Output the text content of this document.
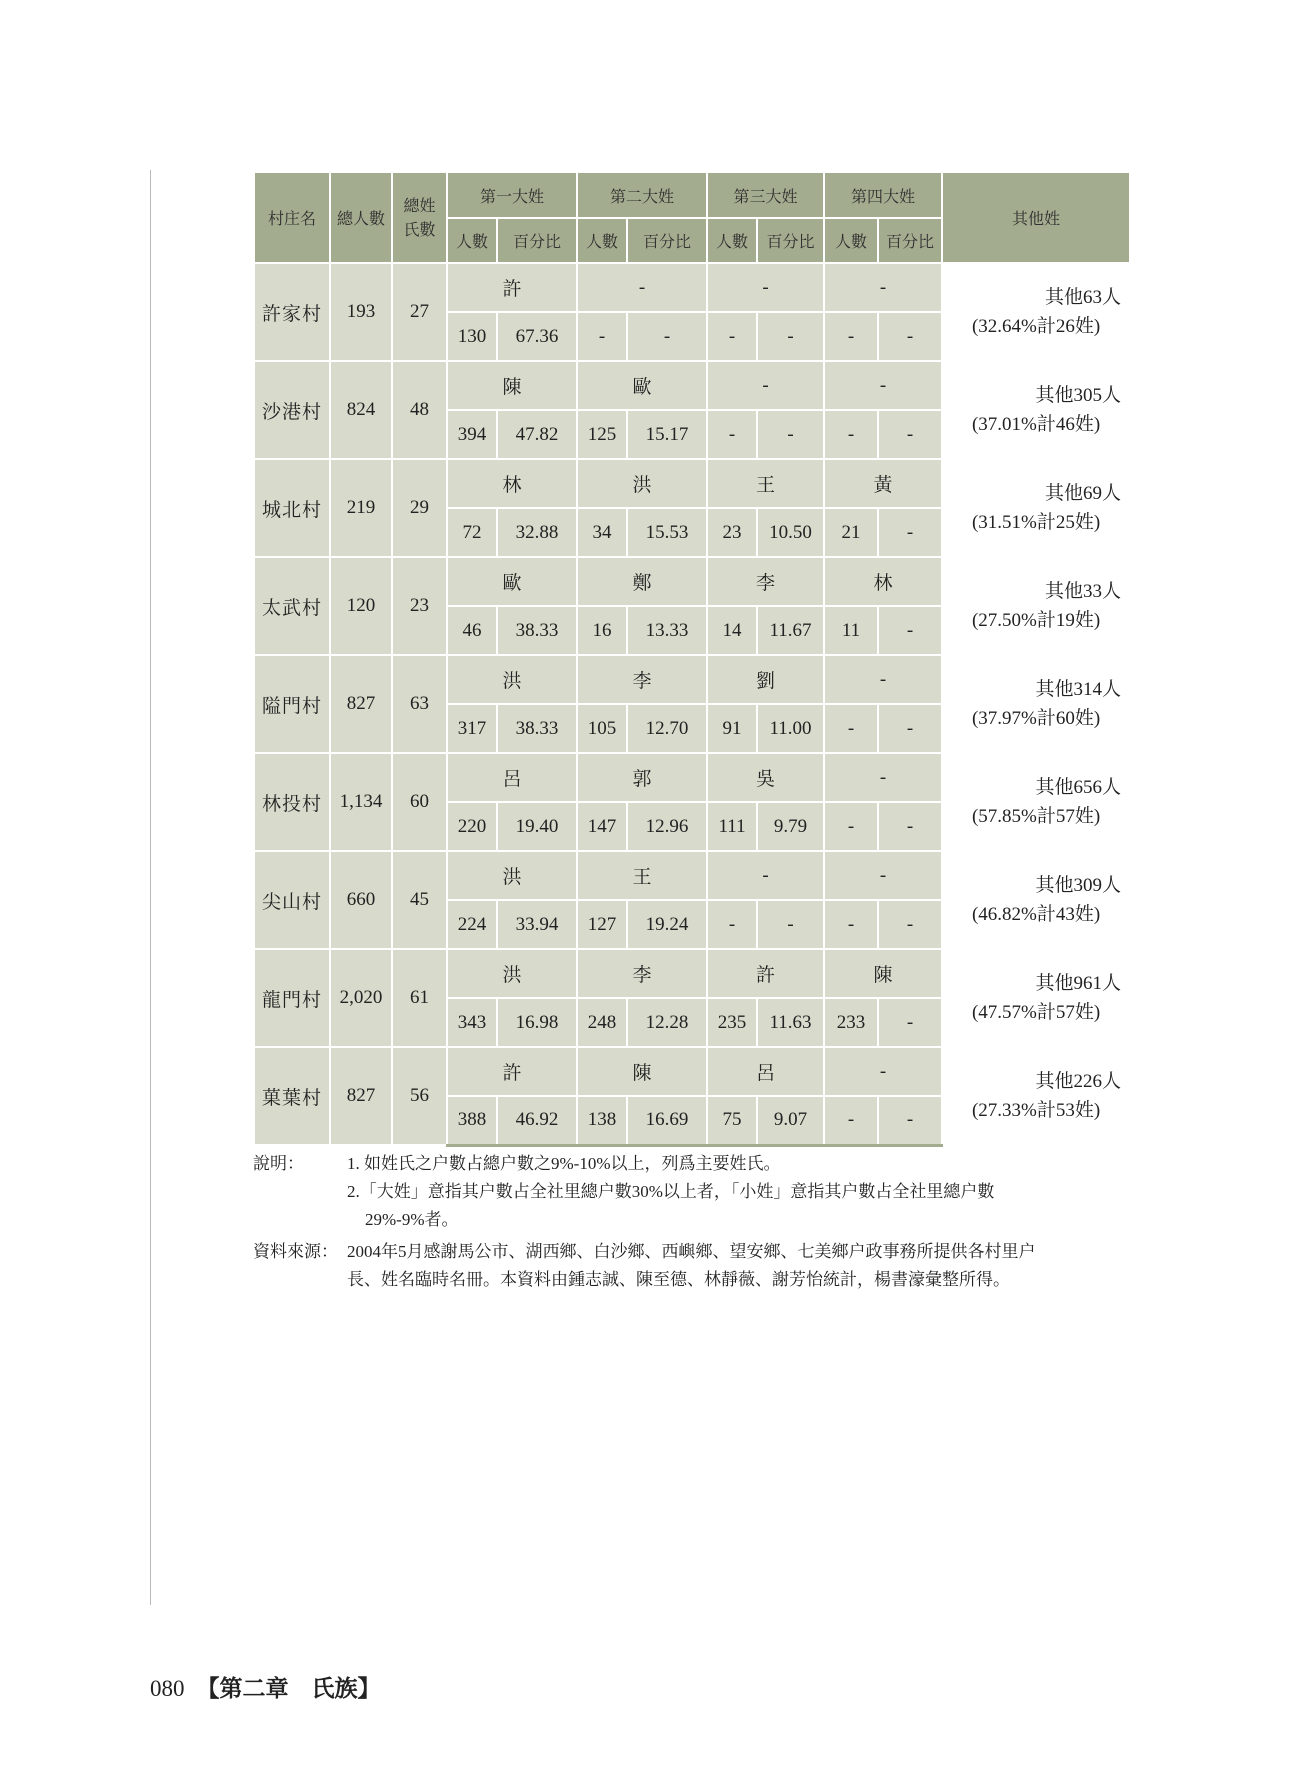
村庄名	總人數	總姓
氏數	第一大姓		第二大姓		第三大姓		第四大姓		其他姓
			人數	百分比	人數	百分比	人數	百分比	人數	百分比	
許家村	193	27	許		-		-		-		其他63人
(32.64%計26姓)

			130	67.36	-	-	-	-	-	-	
沙港村	824	48	陳		歐		-		-		其他305人
(37.01%計46姓)

			394	47.82	125	15.17	-	-	-	-	
城北村	219	29	林		洪		王		黃		其他69人
(31.51%計25姓)

			72	32.88	34	15.53	23	10.50	21	-	
太武村	120	23	歐		鄭		李		林		其他33人
(27.50%計19姓)

			46	38.33	16	13.33	14	11.67	11	-	
隘門村	827	63	洪		李		劉		-		其他314人
(37.97%計60姓)

			317	38.33	105	12.70	91	11.00	-	-	
林投村	1,134	60	呂		郭		吳		-		其他656人
(57.85%計57姓)

			220	19.40	147	12.96	111	9.79	-	-	
尖山村	660	45	洪		王		-		-		其他309人
(46.82%計43姓)

			224	33.94	127	19.24	-	-	-	-	
龍門村	2,020	61	洪		李		許		陳		其他961人
(47.57%計57姓)

			343	16.98	248	12.28	235	11.63	233	-	
菓葉村	827	56	許		陳		呂		-		其他226人
(27.33%計53姓)

			388	46.92	138	16.69	75	9.07	-	-	
說明：	1. 如姓氏之户數占總户數之9%-10%以上，列爲主要姓氏。
2.「大姓」意指其户數占全社里總户數30%以上者，「小姓」意指其户數占全社里總户數
29%-9%者。
資料來源： 2004年5月感謝馬公市、湖西鄉、白沙鄉、西嶼鄉、望安鄉、七美鄉户政事務所提供各村里户
長、姓名臨時名冊。本資料由鍾志誠、陳至德、林靜薇、謝芳怡統計，楊書濠彙整所得。
080 【第二章　氏族】
